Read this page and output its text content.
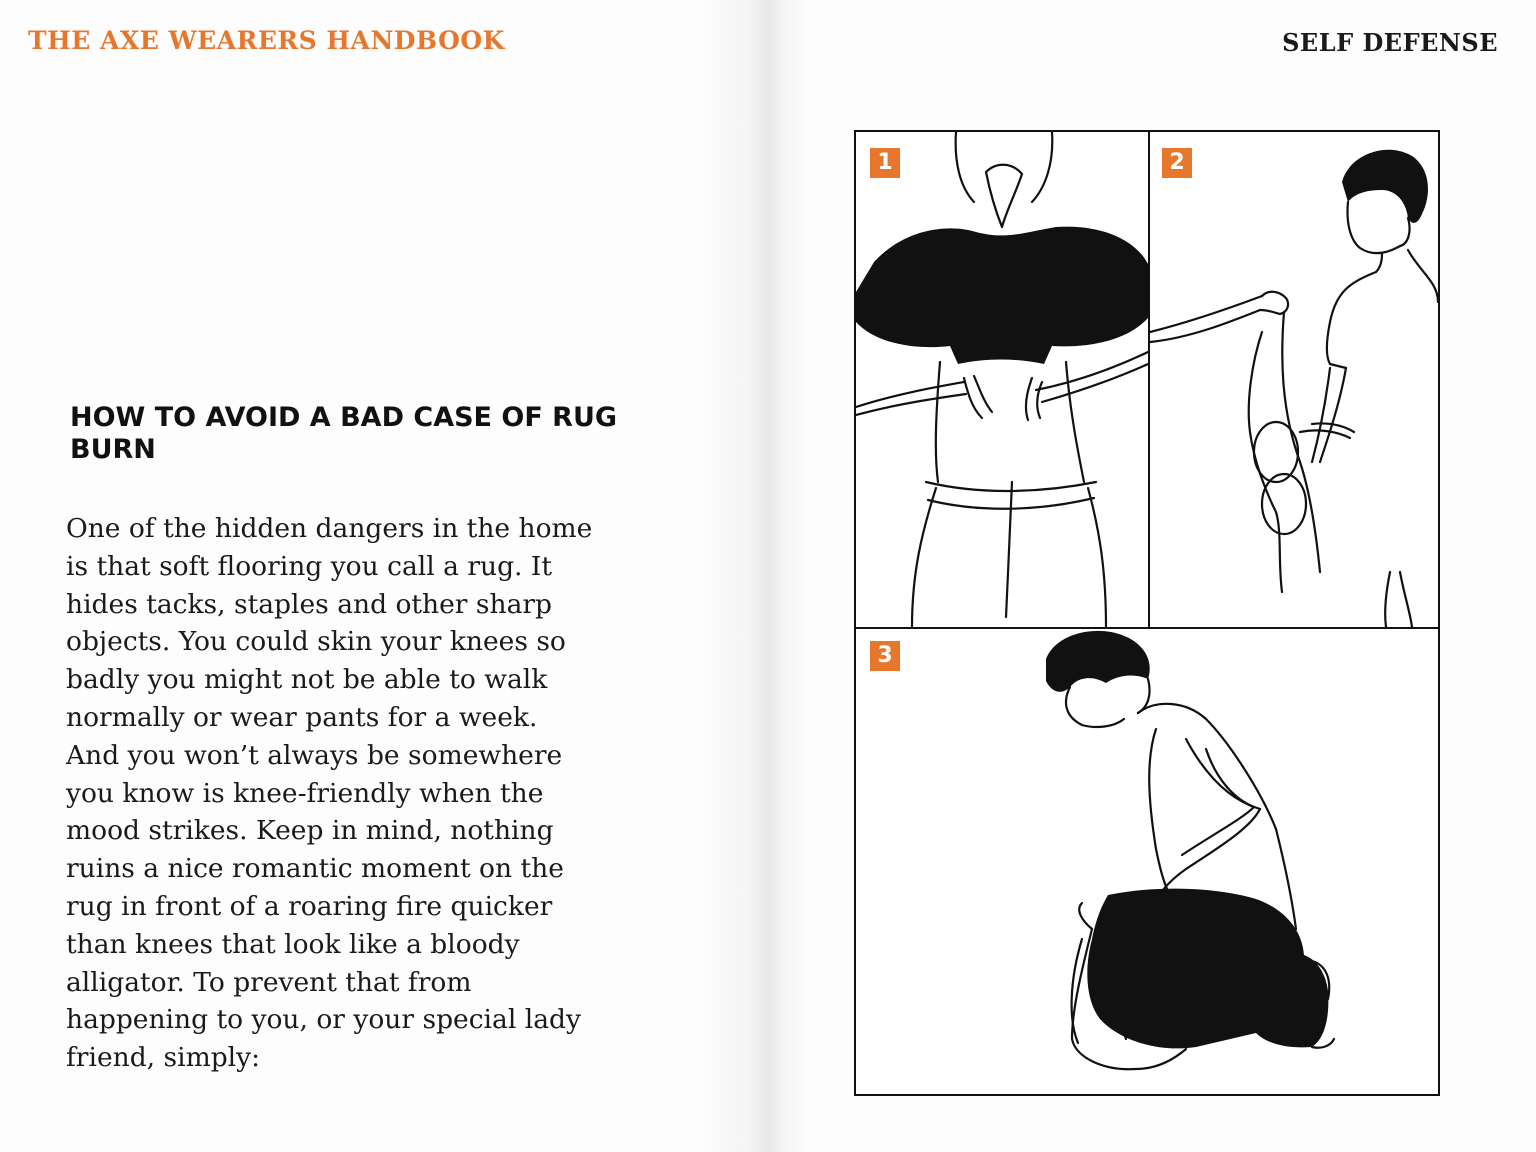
THE AXE WEARERS HANDBOOK	SELF DEFENSE
HOW TO AVOID A BAD CASE OF RUG BURN

One of the hidden dangers in the home
is that soft flooring you call a rug. It
hides tacks, staples and other sharp
objects. You could skin your knees so
badly you might not be able to walk
normally or wear pants for a week.
And you won’t always be somewhere
you know is knee-friendly when the
mood strikes. Keep in mind, nothing
ruins a nice romantic moment on the
rug in front of a roaring fire quicker
than knees that look like a bloody
alligator. To prevent that from
happening to you, or your special lady
friend, simply:

1	2
3
